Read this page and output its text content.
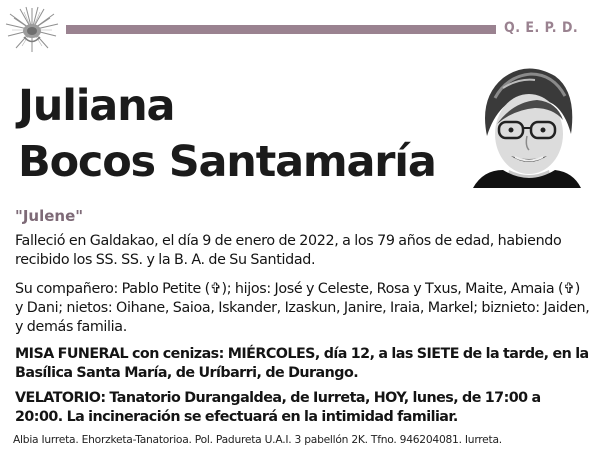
Q. E. P. D.
Juliana
Bocos Santamaría
"Julene"
Falleció en Galdakao, el día 9 de enero de 2022, a los 79 años de edad, habiendo recibido los SS. SS. y la B. A. de Su Santidad.
Su compañero: Pablo Petite (✞); hijos: José y Celeste, Rosa y Txus, Maite, Amaia (✞) y Dani; nietos: Oihane, Saioa, Iskander, Izaskun, Janire, Iraia, Markel; biznieto: Jaiden, y demás familia.
MISA FUNERAL con cenizas: MIÉRCOLES, día 12, a las SIETE de la tarde, en la Basílica Santa María, de Uríbarri, de Durango.
VELATORIO: Tanatorio Durangaldea, de Iurreta, HOY, lunes, de 17:00 a 20:00. La incineración se efectuará en la intimidad familiar.
Albia Iurreta. Ehorzketa-Tanatorioa. Pol. Padureta U.A.I. 3 pabellón 2K. Tfno. 946204081. Iurreta.
